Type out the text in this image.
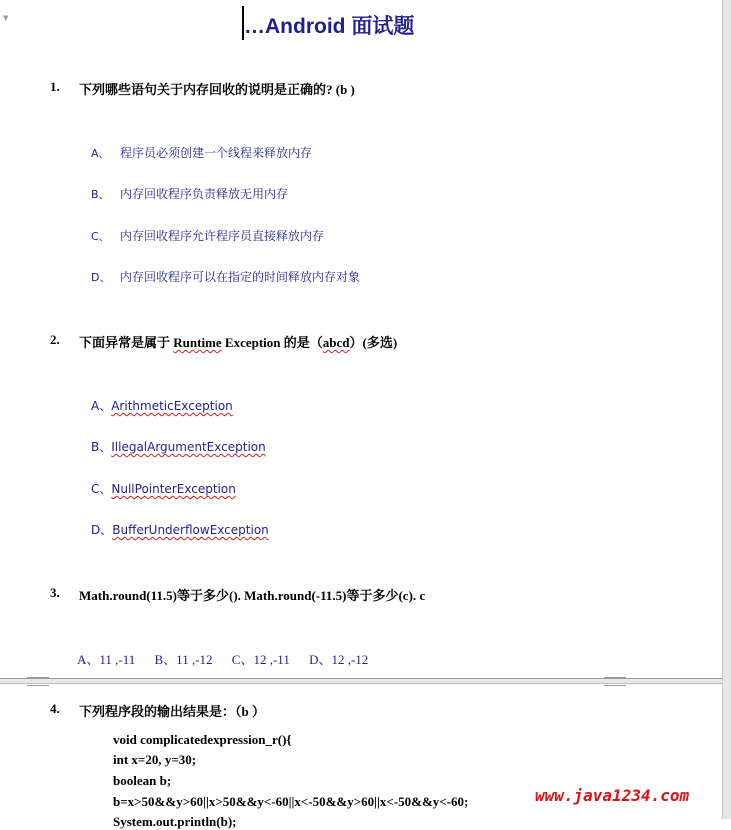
▼	…Android 面试题
1. 下列哪些语句关于内存回收的说明是正确的? (b )
A、 程序员必须创建一个线程来释放内存
B、 内存回收程序负责释放无用内存
C、 内存回收程序允许程序员直接释放内存
D、 内存回收程序可以在指定的时间释放内存对象
2. 下面异常是属于 Runtime Exception 的是（abcd）(多选)
A、ArithmeticException
B、IllegalArgumentException
C、NullPointerException
D、BufferUnderflowException
3. Math.round(11.5)等于多少(). Math.round(-11.5)等于多少(c). c
A、11 ,-11 B、11 ,-12 C、12 ,-11 D、12 ,-12
4. 下列程序段的输出结果是：（b ）
void complicatedexpression_r(){
int x=20, y=30;
boolean b;
b=x>50&&y>60||x>50&&y<-60||x<-50&&y>60||x<-50&&y<-60;
System.out.println(b);
www.java1234.com
